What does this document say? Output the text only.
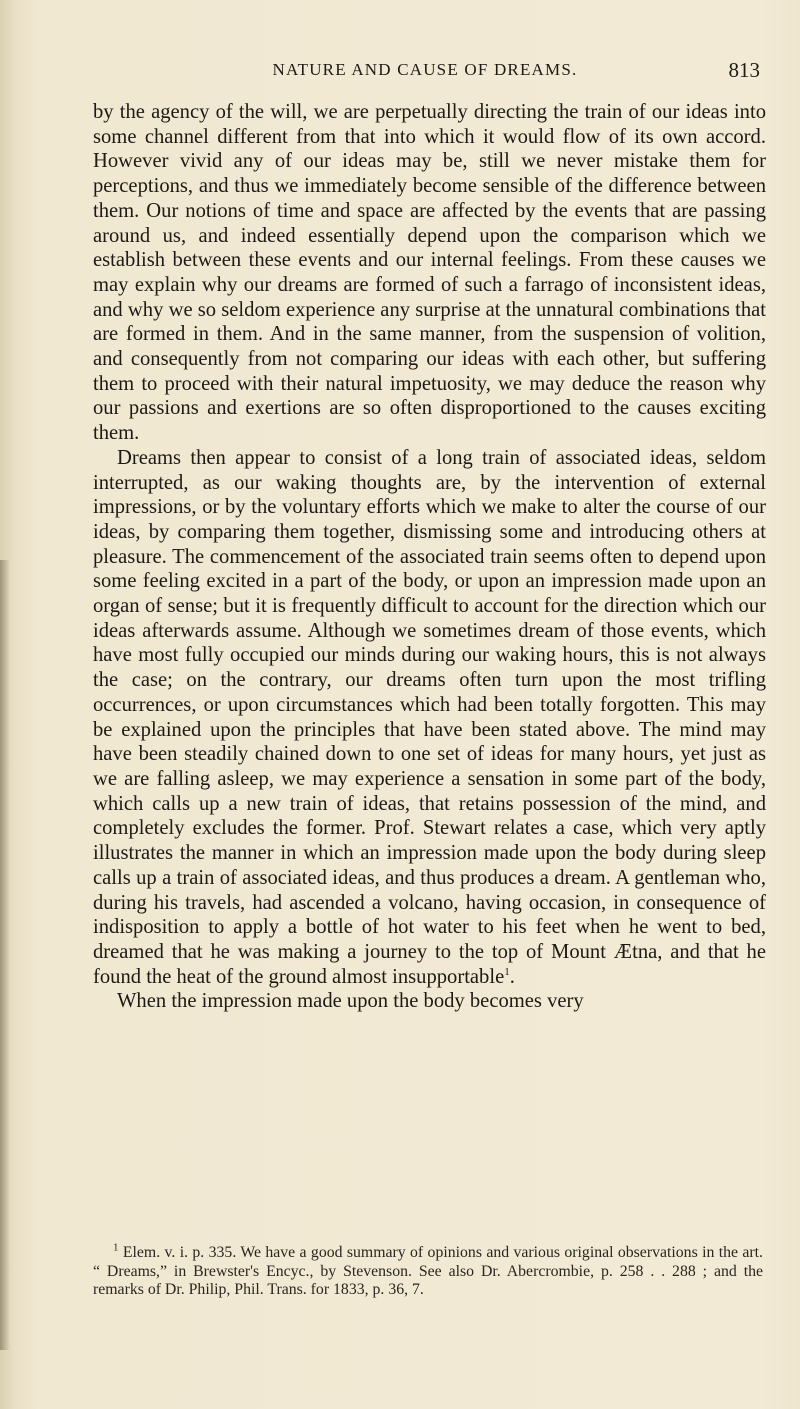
NATURE AND CAUSE OF DREAMS.	813

by the agency of the will, we are perpetually directing the train of our ideas into some channel different from that into which it would flow of its own accord. However vivid any of our ideas may be, still we never mistake them for perceptions, and thus we immediately become sensible of the difference between them. Our notions of time and space are affected by the events that are passing around us, and indeed essentially depend upon the comparison which we establish between these events and our internal feelings. From these causes we may explain why our dreams are formed of such a farrago of inconsistent ideas, and why we so seldom experience any surprise at the unnatural combinations that are formed in them. And in the same manner, from the suspension of volition, and consequently from not comparing our ideas with each other, but suffering them to proceed with their natural impetuosity, we may deduce the reason why our passions and exertions are so often disproportioned to the causes exciting them.

Dreams then appear to consist of a long train of associated ideas, seldom interrupted, as our waking thoughts are, by the intervention of external impressions, or by the voluntary efforts which we make to alter the course of our ideas, by comparing them together, dismissing some and introducing others at pleasure. The commencement of the associated train seems often to depend upon some feeling excited in a part of the body, or upon an impression made upon an organ of sense; but it is frequently difficult to account for the direction which our ideas afterwards assume. Although we sometimes dream of those events, which have most fully occupied our minds during our waking hours, this is not always the case; on the contrary, our dreams often turn upon the most trifling occurrences, or upon circumstances which had been totally forgotten. This may be explained upon the principles that have been stated above. The mind may have been steadily chained down to one set of ideas for many hours, yet just as we are falling asleep, we may experience a sensation in some part of the body, which calls up a new train of ideas, that retains possession of the mind, and completely excludes the former. Prof. Stewart relates a case, which very aptly illustrates the manner in which an impression made upon the body during sleep calls up a train of associated ideas, and thus produces a dream. A gentleman who, during his travels, had ascended a volcano, having occasion, in consequence of indisposition to apply a bottle of hot water to his feet when he went to bed, dreamed that he was making a journey to the top of Mount Ætna, and that he found the heat of the ground almost insupportable$^1$.

When the impression made upon the body becomes very

$^1$ Elem. v. i. p. 335. We have a good summary of opinions and various original observations in the art. “ Dreams,” in Brewster's Encyc., by Stevenson. See also Dr. Abercrombie, p. 258 . . 288 ; and the remarks of Dr. Philip, Phil. Trans. for 1833, p. 36, 7.
